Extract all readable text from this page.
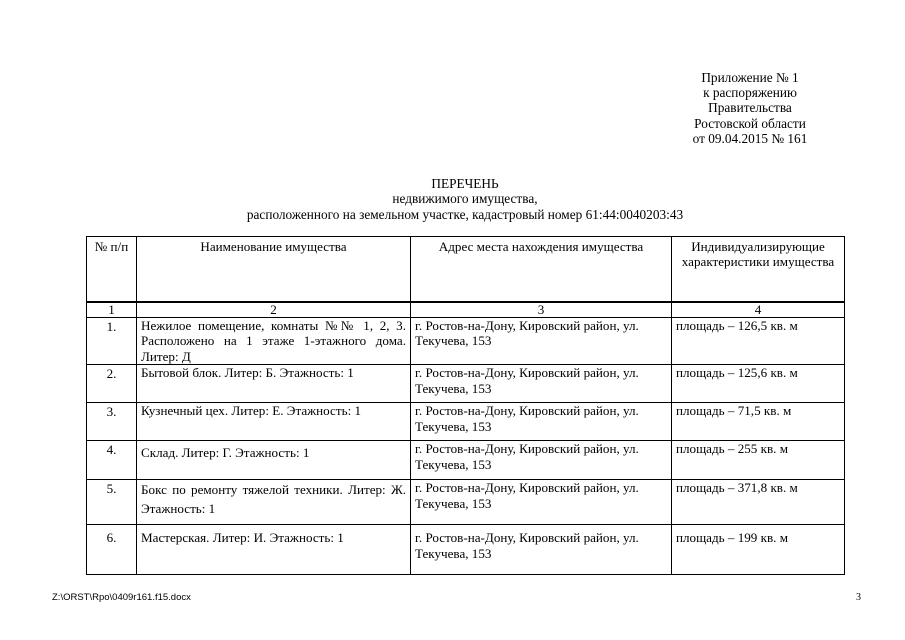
Приложение № 1
к распоряжению
Правительства
Ростовской области
от 09.04.2015 № 161
ПЕРЕЧЕНЬ
недвижимого имущества,
расположенного на земельном участке, кадастровый номер 61:44:0040203:43
№ п/п	Наименование имущества	Адрес места нахождения имущества	Индивидуализирующие характеристики имущества
1	2	3	4
1.	Нежилое помещение, комнаты №№ 1, 2, 3. Расположено на 1 этаже 1-этажного дома. Литер: Д	г. Ростов-на-Дону, Кировский район, ул. Текучева, 153	площадь – 126,5 кв. м
2.	Бытовой блок. Литер: Б. Этажность: 1	г. Ростов-на-Дону, Кировский район, ул. Текучева, 153	площадь – 125,6 кв. м
3.	Кузнечный цех. Литер: Е. Этажность: 1	г. Ростов-на-Дону, Кировский район, ул. Текучева, 153	площадь – 71,5 кв. м
4.	Склад. Литер: Г. Этажность: 1	г. Ростов-на-Дону, Кировский район, ул. Текучева, 153	площадь – 255 кв. м
5.	Бокс по ремонту тяжелой техники. Литер: Ж. Этажность: 1	г. Ростов-на-Дону, Кировский район, ул. Текучева, 153	площадь – 371,8 кв. м
6.	Мастерская. Литер: И. Этажность: 1	г. Ростов-на-Дону, Кировский район, ул. Текучева, 153	площадь – 199 кв. м
Z:\ORST\Rpo\0409r161.f15.docx	3
